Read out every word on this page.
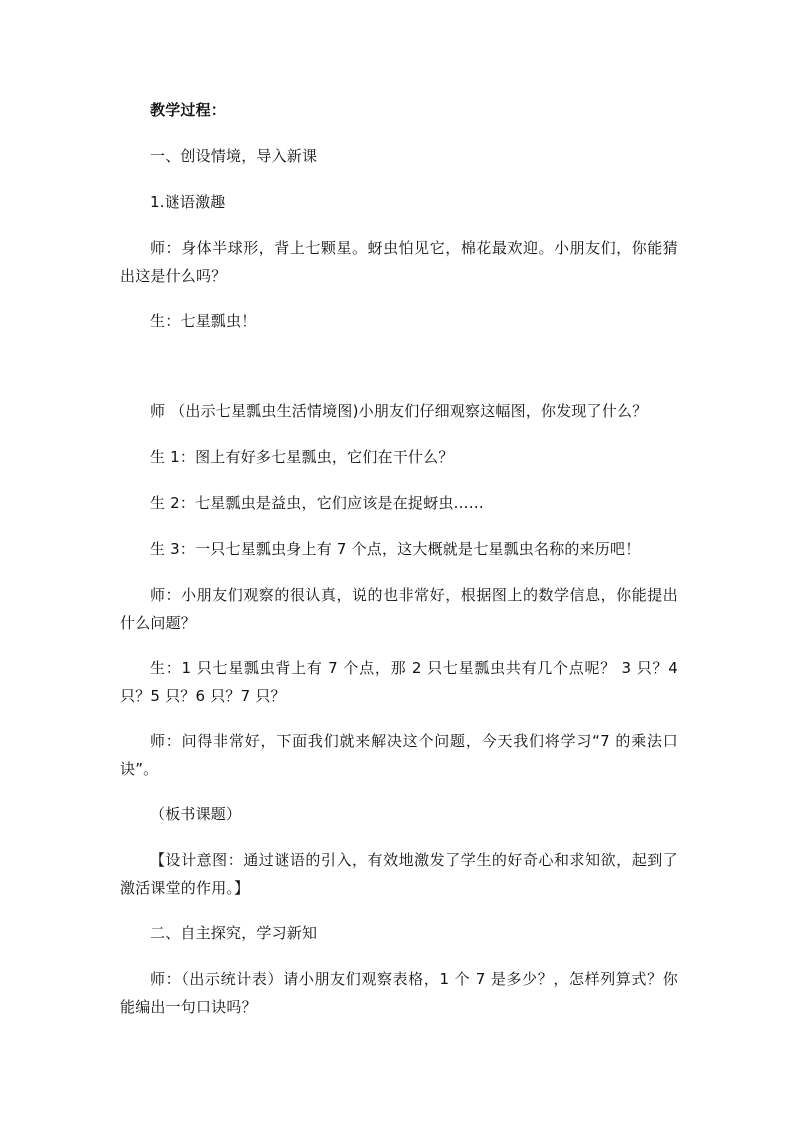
教学过程：

一、创设情境，导入新课

1.谜语激趣

师：身体半球形，背上七颗星。蚜虫怕见它，棉花最欢迎。小朋友们，你能猜出这是什么吗？

生：七星瓢虫！

师 （出示七星瓢虫生活情境图)小朋友们仔细观察这幅图，你发现了什么？

生 1：图上有好多七星瓢虫，它们在干什么？

生 2：七星瓢虫是益虫，它们应该是在捉蚜虫……

生 3：一只七星瓢虫身上有 7 个点，这大概就是七星瓢虫名称的来历吧！

师：小朋友们观察的很认真，说的也非常好，根据图上的数学信息，你能提出什么问题？

生：1 只七星瓢虫背上有 7 个点，那 2 只七星瓢虫共有几个点呢？ 3 只？4 只？5 只？6 只？7 只？

师：问得非常好，下面我们就来解决这个问题，今天我们将学习“7 的乘法口诀”。

（板书课题）

【设计意图：通过谜语的引入，有效地激发了学生的好奇心和求知欲，起到了激活课堂的作用。】

二、自主探究，学习新知

师：（出示统计表）请小朋友们观察表格，1 个 7 是多少？，怎样列算式？你能编出一句口诀吗？
